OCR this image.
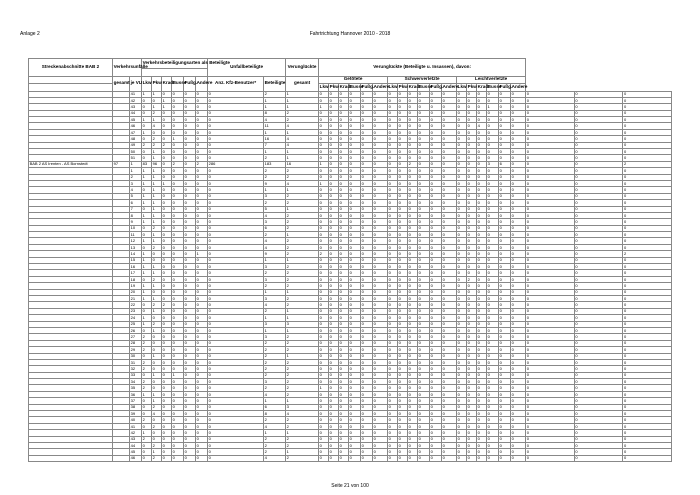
Anlage 2	Fahrtrichtung Hannover 2010 - 2018
Streckenabschnitte BAB 2	Verkehrsunfälle		Verkehrsbeteiligungsarten als Beteiligte						Unfallbeteiligte		Verunglückte	Verunglückte (Beteiligte u. Insassen), davon:																				

	gesamt	je VU	Lkw	Pkw	Krad	Busse	Fußg.	Andere	Anz. Kfz-Benutzer*	Beteiligte	gesamt	Getötete						Schwerverletzte						Leichtverletzte								
												Lkw	Pkw	Krad	Busse	Fußg.	Andere	Lkw	Pkw	Krad	Busse	Fußg.	Andere	Lkw	Pkw	Krad	Busse	Fußg.	Andere			
		41	1	1	0	0	0	0	0	2	1	0	0	0	0	0	0	0	0	0	0	0	0	0	0	0	0	0	0	0	0	0
		42	0	0	1	0	0	0	0	1	1	0	0	0	0	0	0	0	0	0	0	0	0	0	0	0	0	0	0	0	0	0
		43	0	1	1	0	0	0	0	1	1	1	0	0	0	0	0	0	0	0	0	0	0	0	0	0	1	0	0	0	0	0
		44	0	2	0	0	0	0	0	8	2	0	0	0	0	0	0	0	0	0	0	0	0	0	0	0	0	0	0	0	0	0
		45	1	1	0	0	0	0	0	4	2	0	0	0	0	0	0	0	0	0	0	0	0	0	0	0	0	0	0	0	0	0
		46	0	4	0	0	0	0	0	11	4	0	0	0	0	0	0	0	0	0	0	0	0	0	0	4	0	0	0	0	0	0
		47	1	0	0	0	0	0	0	1	1	0	0	0	0	0	0	0	0	0	0	0	0	0	0	0	0	0	0	0	0	0
		48	0	2	0	1	0	0	0	16	4	0	0	0	0	0	0	0	0	0	0	0	0	0	0	0	0	0	0	0	0	0
		49	2	2	2	0	0	0	0	7	4	0	0	0	0	0	0	0	0	0	0	0	0	0	0	0	0	0	0	0	0	0
		50	0	1	0	0	0	0	0	1	1	0	0	0	0	0	0	0	0	0	0	0	0	0	0	0	0	0	0	0	0	0
		51	0	1	0	0	0	0	0	2	1	0	0	0	0	0	0	0	0	0	0	0	0	0	0	0	0	0	0	0	0	0
BAB 2 AS Irenten - AS Bornstedt	97	1	83	96	0	2	0	2	286	183	16	1	0	0	0	0	0	0	0	2	0	0	0	0	0	0	3	6	0	0	0	2
		1	1	1	0	0	0	0	0	2	2	0	0	0	0	0	0	0	0	0	0	0	0	0	0	0	0	0	0	0	0	0
		2	1	1	0	0	0	0	0	2	2	0	0	0	0	0	0	0	0	0	0	0	0	0	0	0	0	0	0	0	0	0
		3	1	1	1	0	0	0	0	9	4	1	0	0	0	0	0	0	0	0	0	0	0	0	0	0	0	0	0	0	0	0
		4	0	1	0	0	0	0	0	1	1	0	0	0	0	0	0	0	0	0	0	0	0	0	0	0	0	0	0	0	0	0
		5	1	1	0	0	0	0	0	3	2	0	0	0	0	0	0	0	0	0	0	0	0	0	0	0	0	0	0	0	0	0
		6	1	1	0	0	0	0	0	2	2	0	0	0	0	0	0	0	0	0	0	0	0	0	0	0	0	0	0	0	0	0
		7	0	1	0	0	0	0	0	5	1	0	0	0	0	0	0	0	0	0	0	0	0	0	0	0	0	0	0	0	0	0
		8	1	1	0	0	0	0	0	4	2	0	0	0	0	0	0	0	0	0	0	0	0	0	0	0	0	0	0	0	0	0
		9	1	1	0	0	0	0	0	3	2	0	0	0	0	0	0	0	0	0	0	0	0	0	0	0	0	0	0	0	0	0
		10	0	2	0	0	0	0	0	6	2	0	0	0	0	0	0	0	0	0	0	0	0	0	0	0	0	0	0	0	0	0
		11	0	1	0	0	0	0	0	2	1	0	0	0	0	0	0	0	0	0	0	0	0	0	0	0	0	0	0	0	0	0
		12	1	1	0	0	0	0	0	4	2	0	0	0	0	0	0	0	0	0	0	0	0	0	0	0	0	0	0	0	0	0
		13	0	2	0	0	0	0	0	4	2	0	0	0	0	0	0	0	0	0	0	0	0	0	0	0	0	0	0	0	0	0
		14	1	0	0	0	0	1	0	9	2	2	0	0	0	0	0	0	0	0	0	0	0	0	0	0	0	0	0	0	0	2
		15	1	0	0	0	0	0	0	1	1	0	0	0	0	0	0	0	0	0	0	0	0	0	0	0	0	0	0	0	0	0
		16	1	1	0	0	0	0	0	3	2	0	0	0	0	0	0	0	0	0	0	0	0	0	0	0	0	0	0	0	0	0
		17	1	1	0	0	0	0	0	2	2	0	0	0	0	0	0	0	0	0	0	0	0	0	0	0	0	0	0	0	0	0
		18	0	2	0	0	0	0	0	3	2	0	0	0	0	0	0	0	0	0	0	0	0	0	2	0	0	0	0	0	0	0
		19	1	1	0	0	0	0	0	2	2	0	0	0	0	0	0	0	0	0	0	0	0	0	0	0	0	0	0	0	0	0
		20	1	0	0	0	0	0	0	1	1	0	0	0	0	0	0	0	0	0	0	0	0	0	0	0	0	0	0	0	0	0
		21	1	1	0	0	0	0	0	3	2	0	0	0	0	0	0	0	0	0	0	0	0	0	0	0	0	0	0	0	0	0
		22	0	2	2	0	0	0	0	4	2	0	0	0	0	0	0	0	0	0	0	0	0	0	0	0	0	0	0	0	0	0
		23	0	1	0	0	0	0	0	2	1	0	0	0	0	0	0	0	0	0	0	0	0	0	0	0	0	0	0	0	0	0
		24	1	0	0	0	0	0	0	1	1	0	0	0	0	0	0	0	0	0	0	0	0	0	0	0	0	0	0	0	0	0
		25	1	2	0	0	0	0	0	3	3	0	0	0	0	0	0	0	0	0	0	0	0	0	0	0	0	0	0	0	0	0
		26	0	1	0	0	0	0	0	1	1	0	0	0	0	0	0	0	0	0	0	0	0	0	0	0	0	0	0	0	0	0
		27	2	0	0	0	0	0	0	3	2	0	0	0	0	0	0	0	0	0	0	0	0	0	0	0	0	0	0	0	0	0
		28	2	0	0	0	0	0	0	2	2	0	0	0	0	0	0	0	0	0	0	0	0	0	0	0	0	0	0	0	0	0
		29	2	0	0	0	0	0	0	2	2	0	0	0	0	0	0	0	0	0	0	0	0	0	0	0	0	0	0	0	0	0
		30	0	1	0	0	0	0	0	2	1	0	0	0	0	0	0	0	0	0	0	0	0	0	0	0	0	0	0	0	0	0
		31	2	0	0	0	0	0	0	2	2	0	0	0	0	0	0	0	0	0	0	0	0	0	0	0	0	0	0	0	0	0
		32	2	0	0	0	0	0	0	2	2	0	0	0	0	0	0	0	0	0	0	0	0	0	0	0	0	0	0	0	0	0
		33	0	1	0	1	0	0	0	2	2	0	0	0	0	0	0	0	0	0	0	0	0	0	0	0	0	0	0	0	0	0
		34	2	0	0	0	0	0	0	3	2	0	0	0	0	0	0	0	0	0	0	0	0	0	0	0	0	0	0	0	0	0
		35	2	0	0	0	0	0	0	2	2	1	0	0	0	0	0	0	0	0	0	0	0	0	0	0	0	0	0	0	0	0
		36	1	1	0	0	0	0	0	4	2	0	0	0	0	0	0	0	0	0	0	0	0	0	0	0	0	0	0	0	0	0
		37	0	1	0	0	0	0	0	1	1	0	0	0	0	0	0	0	0	0	0	0	0	0	0	0	0	0	0	0	0	0
		38	0	2	0	0	0	0	0	6	3	0	0	0	0	0	0	0	0	0	0	0	0	0	0	0	0	0	0	0	0	0
		39	0	4	0	0	0	0	0	8	4	0	0	0	0	0	0	0	0	0	0	0	0	0	0	0	0	0	0	0	0	0
		40	2	0	0	0	0	0	0	2	2	0	0	0	0	0	0	0	0	0	0	0	0	0	0	0	0	0	0	0	0	0
		41	0	2	0	0	0	0	0	4	2	0	0	0	0	0	0	0	0	0	0	0	0	0	0	0	0	0	0	0	0	0
		42	1	0	0	0	0	0	0	1	1	0	0	0	0	0	0	0	0	0	0	0	0	0	0	0	0	0	0	0	0	0
		43	2	0	0	0	0	0	0	2	2	0	0	0	0	0	0	0	0	0	0	0	0	0	0	0	0	0	0	0	0	0
		44	0	2	0	0	0	0	0	2	2	0	0	0	0	0	0	0	0	0	0	0	0	0	0	0	0	0	0	0	0	0
		45	0	1	0	0	0	0	0	2	1	0	0	0	0	0	0	0	0	0	0	0	0	0	0	0	0	0	0	0	0	0
		46	0	2	0	0	0	0	0	4	2	0	0	0	0	0	0	0	0	0	0	0	0	0	0	0	0	0	0	0	0	0
Seite 21 von 100
